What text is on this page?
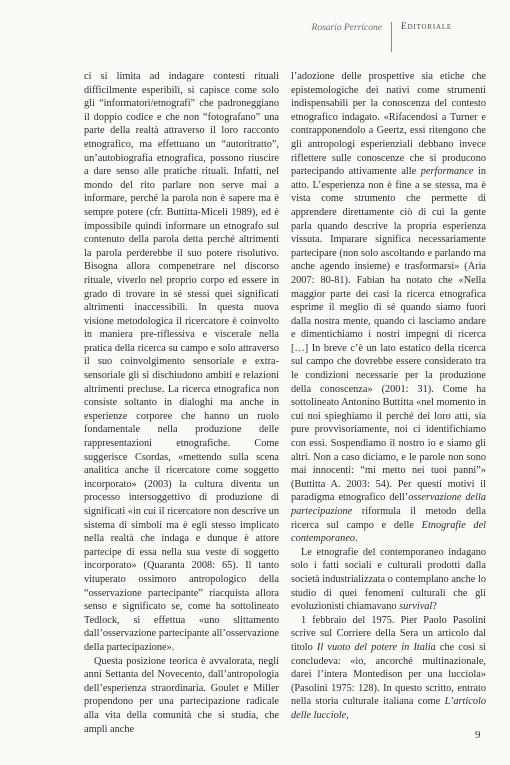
Rosario Perricone	Editoriale

ci si limita ad indagare contesti rituali difficilmente esperibili, si capisce come solo gli “informatori/etnografi” che padroneggiano il doppio codice e che non “fotografano” una parte della realtà attraverso il loro racconto etnografico, ma effettuano un “autoritratto”, un’autobiografia etnografica, possono riuscire a dare senso alle pratiche rituali. Infatti, nel mondo del rito parlare non serve mai a informare, perché la parola non è sapere ma è sempre potere (cfr. Buttitta-Miceli 1989), ed è impossibile quindi informare un etnografo sul contenuto della parola detta perché altrimenti la parola perderebbe il suo potere risolutivo. Bisogna allora compenetrare nel discorso rituale, viverlo nel proprio corpo ed essere in grado di trovare in sé stessi quei significati altrimenti inaccessibili. In questa nuova visione metodologica il ricercatore è coinvolto in maniera pre-riflessiva e viscerale nella pratica della ricerca su campo e solo attraverso il suo coinvolgimento sensoriale e extra-sensoriale gli si dischiudono ambiti e relazioni altrimenti precluse. La ricerca etnografica non consiste soltanto in dialoghi ma anche in esperienze corporee che hanno un ruolo fondamentale nella produzione delle rappresentazioni etnografiche. Come suggerisce Csordas, «mettendo sulla scena analitica anche il ricercatore come soggetto incorporato» (2003) la cultura diventa un processo intersoggettivo di produzione di significati «in cui il ricercatore non descrive un sistema di simboli ma è egli stesso implicato nella realtà che indaga e dunque è attore partecipe di essa nella sua veste di soggetto incorporato» (Quaranta 2008: 65). Il tanto vituperato ossimoro antropologico della “osservazione partecipante” riacquista allora senso e significato se, come ha sottolineato Tedlock, si effettua «uno slittamento dall’osservazione partecipante all’osservazione della partecipazione».

Questa posizione teorica è avvalorata, negli anni Settanta del Novecento, dall’antropologia dell’esperienza straordinaria. Goulet e Miller propendono per una partecipazione radicale alla vita della comunità che si studia, che ampli anche

l’adozione delle prospettive sia etiche che epistemologiche dei nativi come strumenti indispensabili per la conoscenza del contesto etnografico indagato. «Rifacendosi a Turner e contrapponendolo a Geertz, essi ritengono che gli antropologi esperienziali debbano invece riflettere sulle conoscenze che si producono partecipando attivamente alle performance in atto. L’esperienza non è fine a se stessa, ma è vista come strumento che permette di apprendere direttamente ciò di cui la gente parla quando descrive la propria esperienza vissuta. Imparare significa necessariamente partecipare (non solo ascoltando e parlando ma anche agendo insieme) e trasformarsi» (Aria 2007: 80-81). Fabian ha notato che «Nella maggior parte dei casi la ricerca etnografica esprime il meglio di sé quando siamo fuori dalla nostra mente, quando ci lasciamo andare e dimentichiamo i nostri impegni di ricerca […] In breve c’è un lato estatico della ricerca sul campo che dovrebbe essere considerato tra le condizioni necessarie per la produzione della conoscenza» (2001: 31). Come ha sottolineato Antonino Buttitta «nel momento in cui noi spieghiamo il perché dei loro atti, sia pure provvisoriamente, noi ci identifichiamo con essi. Sospendiamo il nostro io e siamo gli altri. Non a caso diciamo, e le parole non sono mai innocenti: “mi metto nei tuoi panni”» (Buttitta A. 2003: 54). Per questi motivi il paradigma etnografico dell’osservazione della partecipazione riformula il metodo della ricerca sul campo e delle Etnografie del contemporaneo.

Le etnografie del contemporaneo indagano solo i fatti sociali e culturali prodotti dalla società industrializzata o contemplano anche lo studio di quei fenomeni culturali che gli evoluzionisti chiamavano survival?

1 febbraio del 1975. Pier Paolo Pasolini scrive sul Corriere della Sera un articolo dal titolo Il vuoto del potere in Italia che così si concludeva: «io, ancorché multinazionale, darei l’intera Montedison per una lucciola» (Pasolini 1975: 128). In questo scritto, entrato nella storia culturale italiana come L’articolo delle lucciole,

9
